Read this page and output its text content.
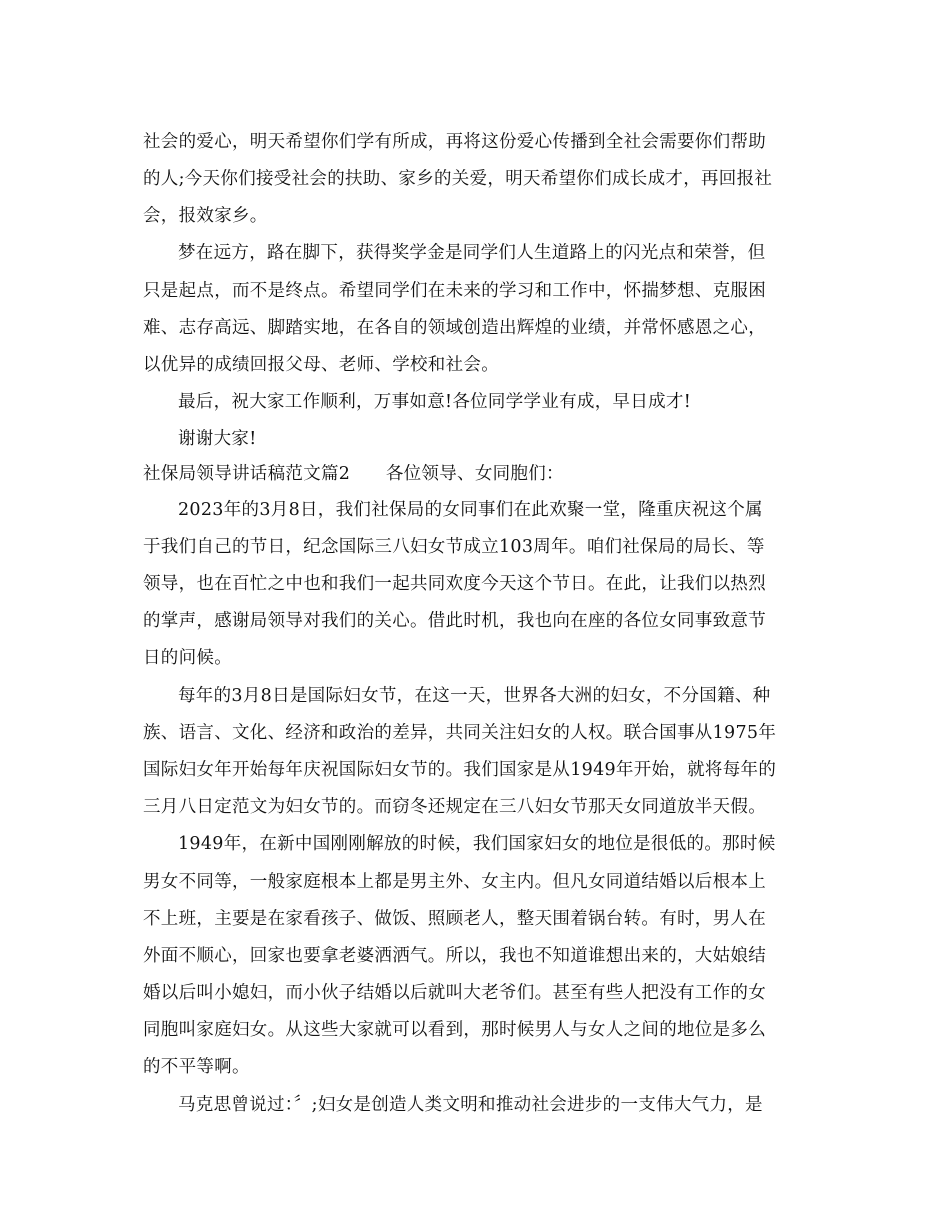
社会的爱心，明天希望你们学有所成，再将这份爱心传播到全社会需要你们帮助
的人;今天你们接受社会的扶助、家乡的关爱，明天希望你们成长成才，再回报社
会，报效家乡。
梦在远方，路在脚下，获得奖学金是同学们人生道路上的闪光点和荣誉，但
只是起点，而不是终点。希望同学们在未来的学习和工作中，怀揣梦想、克服困
难、志存高远、脚踏实地，在各自的领域创造出辉煌的业绩，并常怀感恩之心，
以优异的成绩回报父母、老师、学校和社会。
最后，祝大家工作顺利，万事如意!各位同学学业有成，早日成才!
谢谢大家!
社保局领导讲话稿范文篇2　　各位领导、女同胞们：
2023年的3月8日，我们社保局的女同事们在此欢聚一堂，隆重庆祝这个属
于我们自己的节日，纪念国际三八妇女节成立103周年。咱们社保局的局长、等
领导，也在百忙之中也和我们一起共同欢度今天这个节日。在此，让我们以热烈
的掌声，感谢局领导对我们的关心。借此时机，我也向在座的各位女同事致意节
日的问候。
每年的3月8日是国际妇女节，在这一天，世界各大洲的妇女，不分国籍、种
族、语言、文化、经济和政治的差异，共同关注妇女的人权。联合国事从1975年
国际妇女年开始每年庆祝国际妇女节的。我们国家是从1949年开始，就将每年的
三月八日定范文为妇女节的。而窃冬还规定在三八妇女节那天女同道放半天假。
1949年，在新中国刚刚解放的时候，我们国家妇女的地位是很低的。那时候
男女不同等，一般家庭根本上都是男主外、女主内。但凡女同道结婚以后根本上
不上班，主要是在家看孩子、做饭、照顾老人，整天围着锅台转。有时，男人在
外面不顺心，回家也要拿老婆洒洒气。所以，我也不知道谁想出来的，大姑娘结
婚以后叫小媳妇，而小伙子结婚以后就叫大老爷们。甚至有些人把没有工作的女
同胞叫家庭妇女。从这些大家就可以看到，那时候男人与女人之间的地位是多么
的不平等啊。
马克思曾说过：〞;妇女是创造人类文明和推动社会进步的一支伟大气力，是
